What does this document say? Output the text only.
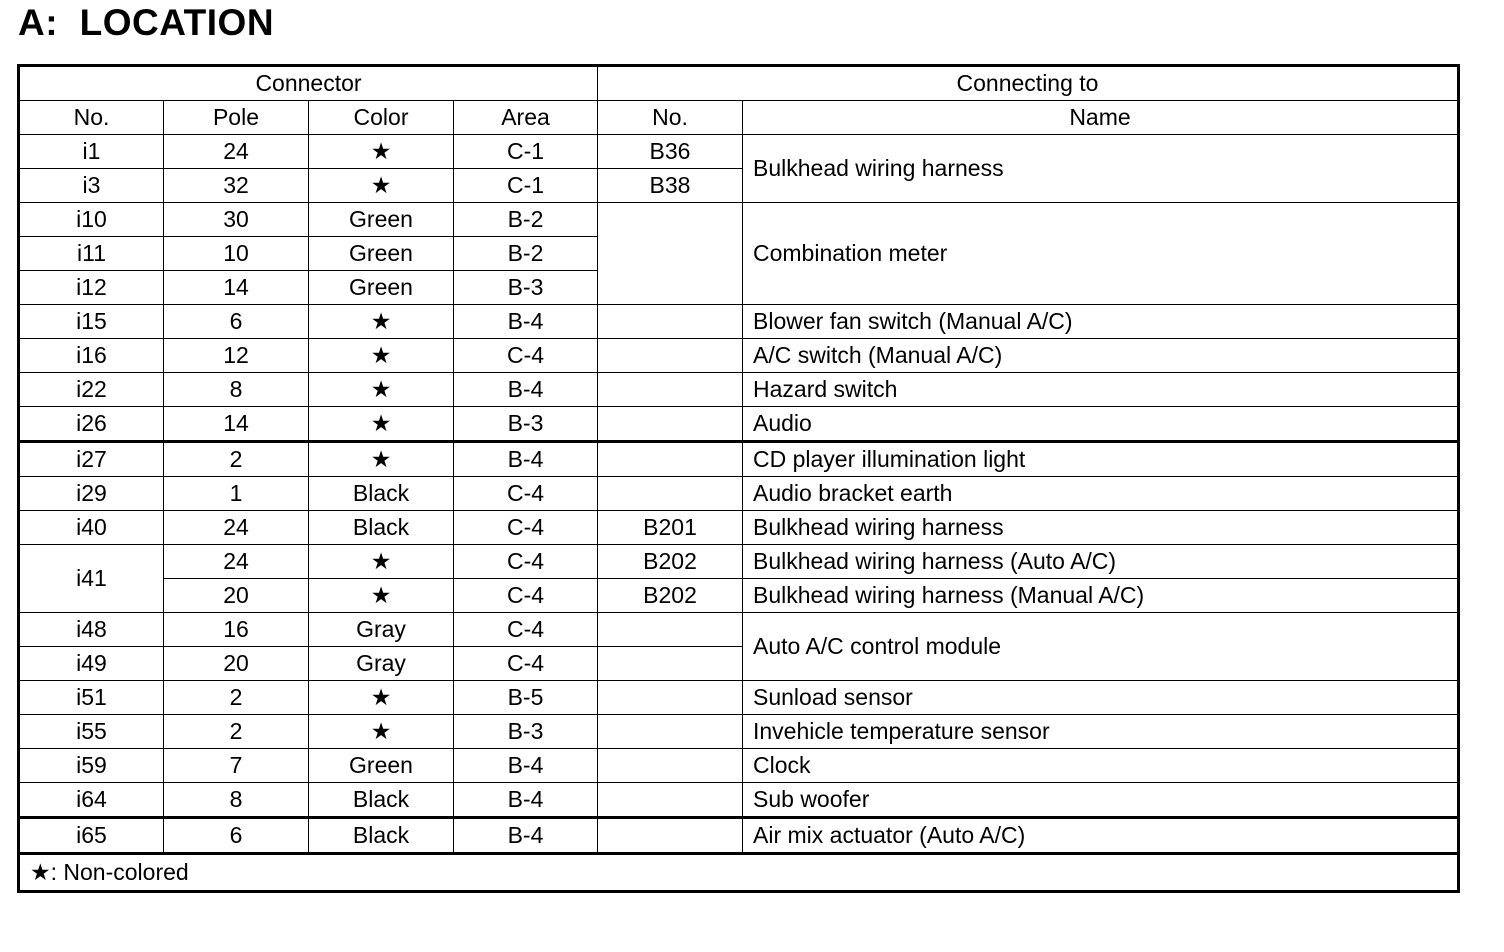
A:  LOCATION
Connector				Connecting to	
No.	Pole	Color	Area	No.	Name
i1	24	★	C-1	B36	Bulkhead wiring harness
i3	32	★	C-1	B38	
i10	30	Green	B-2		Combination meter
i11	10	Green	B-2		
i12	14	Green	B-3		
i15	6	★	B-4		Blower fan switch (Manual A/C)
i16	12	★	C-4		A/C switch (Manual A/C)
i22	8	★	B-4		Hazard switch
i26	14	★	B-3		Audio
i27	2	★	B-4		CD player illumination light
i29	1	Black	C-4		Audio bracket earth
i40	24	Black	C-4	B201	Bulkhead wiring harness
i41	24	★	C-4	B202	Bulkhead wiring harness (Auto A/C)
	20	★	C-4	B202	Bulkhead wiring harness (Manual A/C)
i48	16	Gray	C-4		Auto A/C control module
i49	20	Gray	C-4		
i51	2	★	B-5		Sunload sensor
i55	2	★	B-3		Invehicle temperature sensor
i59	7	Green	B-4		Clock
i64	8	Black	B-4		Sub woofer
i65	6	Black	B-4		Air mix actuator (Auto A/C)
★: Non-colored					
